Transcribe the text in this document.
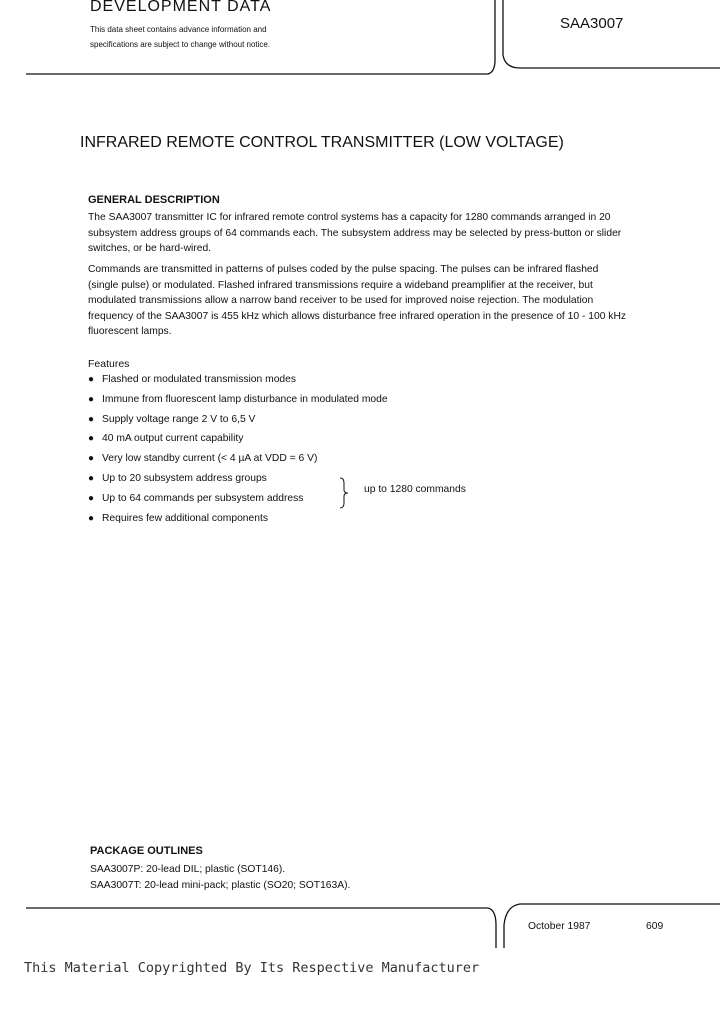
DEVELOPMENT DATA
This data sheet contains advance information and
specifications are subject to change without notice.
SAA3007
INFRARED REMOTE CONTROL TRANSMITTER (LOW VOLTAGE)
GENERAL DESCRIPTION
The SAA3007 transmitter IC for infrared remote control systems has a capacity for 1280 commands arranged in 20 subsystem address groups of 64 commands each. The subsystem address may be selected by press-button or slider switches, or be hard-wired.
Commands are transmitted in patterns of pulses coded by the pulse spacing. The pulses can be infrared flashed (single pulse) or modulated. Flashed infrared transmissions require a wideband preamplifier at the receiver, but modulated transmissions allow a narrow band receiver to be used for improved noise rejection. The modulation frequency of the SAA3007 is 455 kHz which allows disturbance free infrared operation in the presence of 10 - 100 kHz fluorescent lamps.
Features
● Flashed or modulated transmission modes
● Immune from fluorescent lamp disturbance in modulated mode
● Supply voltage range 2 V to 6,5 V
● 40 mA output current capability
● Very low standby current (< 4 µA at VDD = 6 V)
● Up to 20 subsystem address groups
● Up to 64 commands per subsystem address
● Requires few additional components
up to 1280 commands
PACKAGE OUTLINES
SAA3007P: 20-lead DIL; plastic (SOT146).
SAA3007T: 20-lead mini-pack; plastic (SO20; SOT163A).
October 1987	609
This Material Copyrighted By Its Respective Manufacturer
